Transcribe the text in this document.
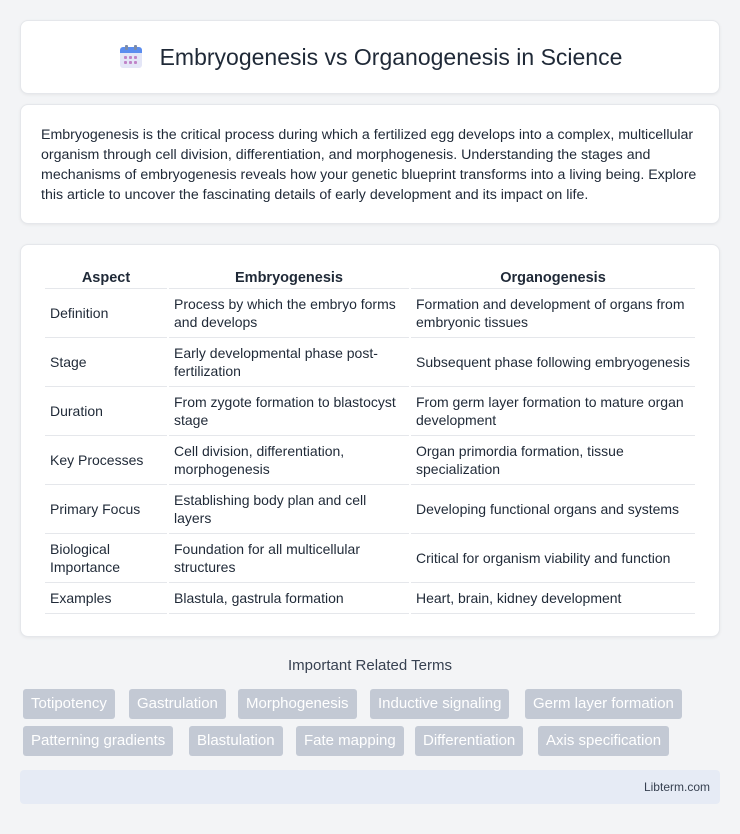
Embryogenesis vs Organogenesis in Science

Embryogenesis is the critical process during which a fertilized egg develops into a complex, multicellular organism through cell division, differentiation, and morphogenesis. Understanding the stages and mechanisms of embryogenesis reveals how your genetic blueprint transforms into a living being. Explore this article to uncover the fascinating details of early development and its impact on life.

Aspect	Embryogenesis	Organogenesis
Definition	Process by which the embryo forms and develops	Formation and development of organs from embryonic tissues
Stage	Early developmental phase post-fertilization	Subsequent phase following embryogenesis
Duration	From zygote formation to blastocyst stage	From germ layer formation to mature organ development
Key Processes	Cell division, differentiation, morphogenesis	Organ primordia formation, tissue specialization
Primary Focus	Establishing body plan and cell layers	Developing functional organs and systems
Biological Importance	Foundation for all multicellular structures	Critical for organism viability and function
Examples	Blastula, gastrula formation	Heart, brain, kidney development
Important Related Terms
Totipotency	Gastrulation	Morphogenesis	Inductive signaling	Germ layer formation
Patterning gradients	Blastulation	Fate mapping	Differentiation	Axis specification
Libterm.com
